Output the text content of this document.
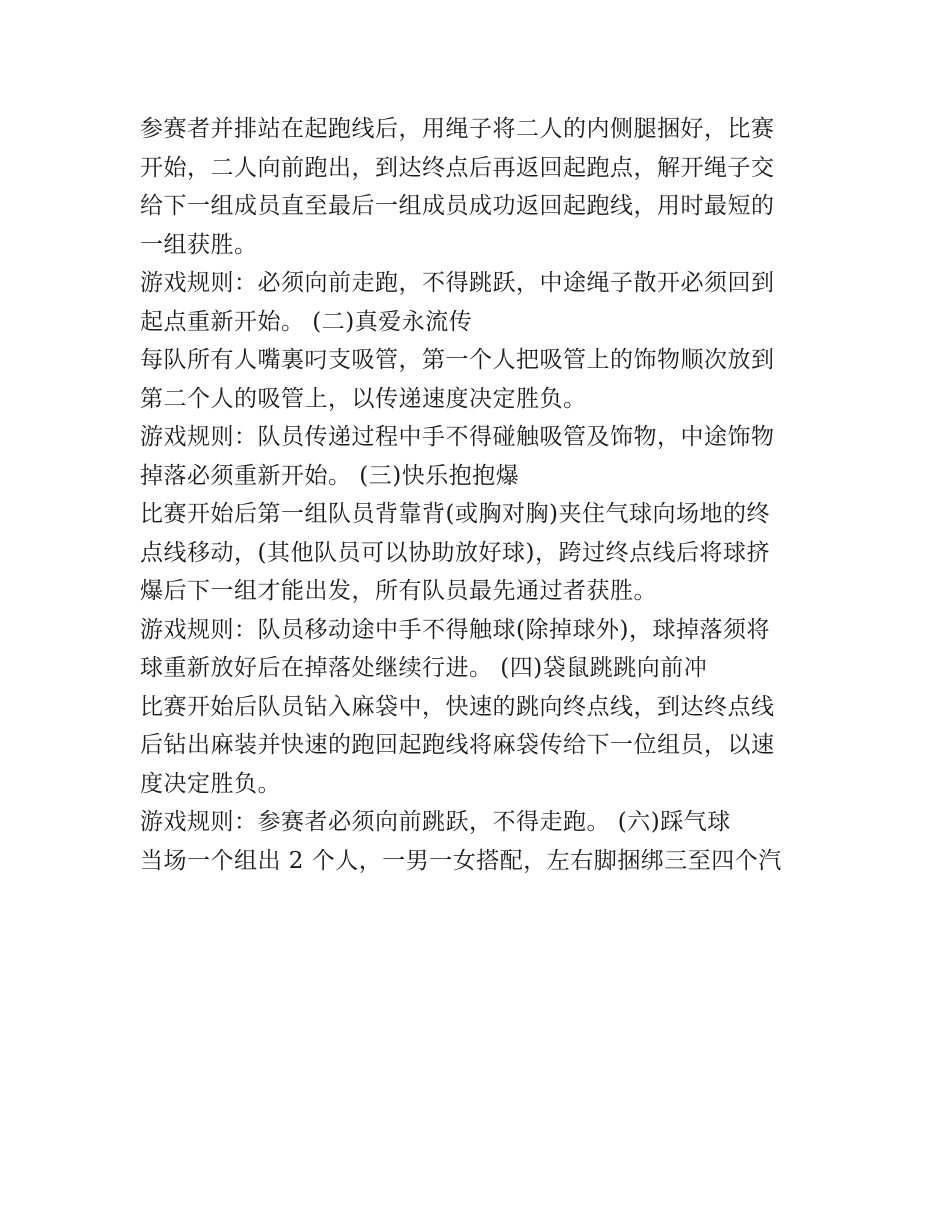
参赛者并排站在起跑线后，用绳子将二人的内侧腿捆好，比赛
开始，二人向前跑出，到达终点后再返回起跑点，解开绳子交
给下一组成员直至最后一组成员成功返回起跑线，用时最短的
一组获胜。
游戏规则：必须向前走跑，不得跳跃，中途绳子散开必须回到
起点重新开始。 (二)真爱永流传
每队所有人嘴裏叼支吸管，第一个人把吸管上的饰物顺次放到
第二个人的吸管上，以传递速度决定胜负。
游戏规则：队员传递过程中手不得碰触吸管及饰物，中途饰物
掉落必须重新开始。 (三)快乐抱抱爆
比赛开始后第一组队员背靠背(或胸对胸)夹住气球向场地的终
点线移动，(其他队员可以协助放好球)，跨过终点线后将球挤
爆后下一组才能出发，所有队员最先通过者获胜。
游戏规则：队员移动途中手不得触球(除掉球外)，球掉落须将
球重新放好后在掉落处继续行进。 (四)袋鼠跳跳向前冲
比赛开始后队员钻入麻袋中，快速的跳向终点线，到达终点线
后钻出麻装并快速的跑回起跑线将麻袋传给下一位组员，以速
度决定胜负。
游戏规则：参赛者必须向前跳跃，不得走跑。 (六)踩气球
当场一个组出 2 个人，一男一女搭配，左右脚捆绑三至四个汽
